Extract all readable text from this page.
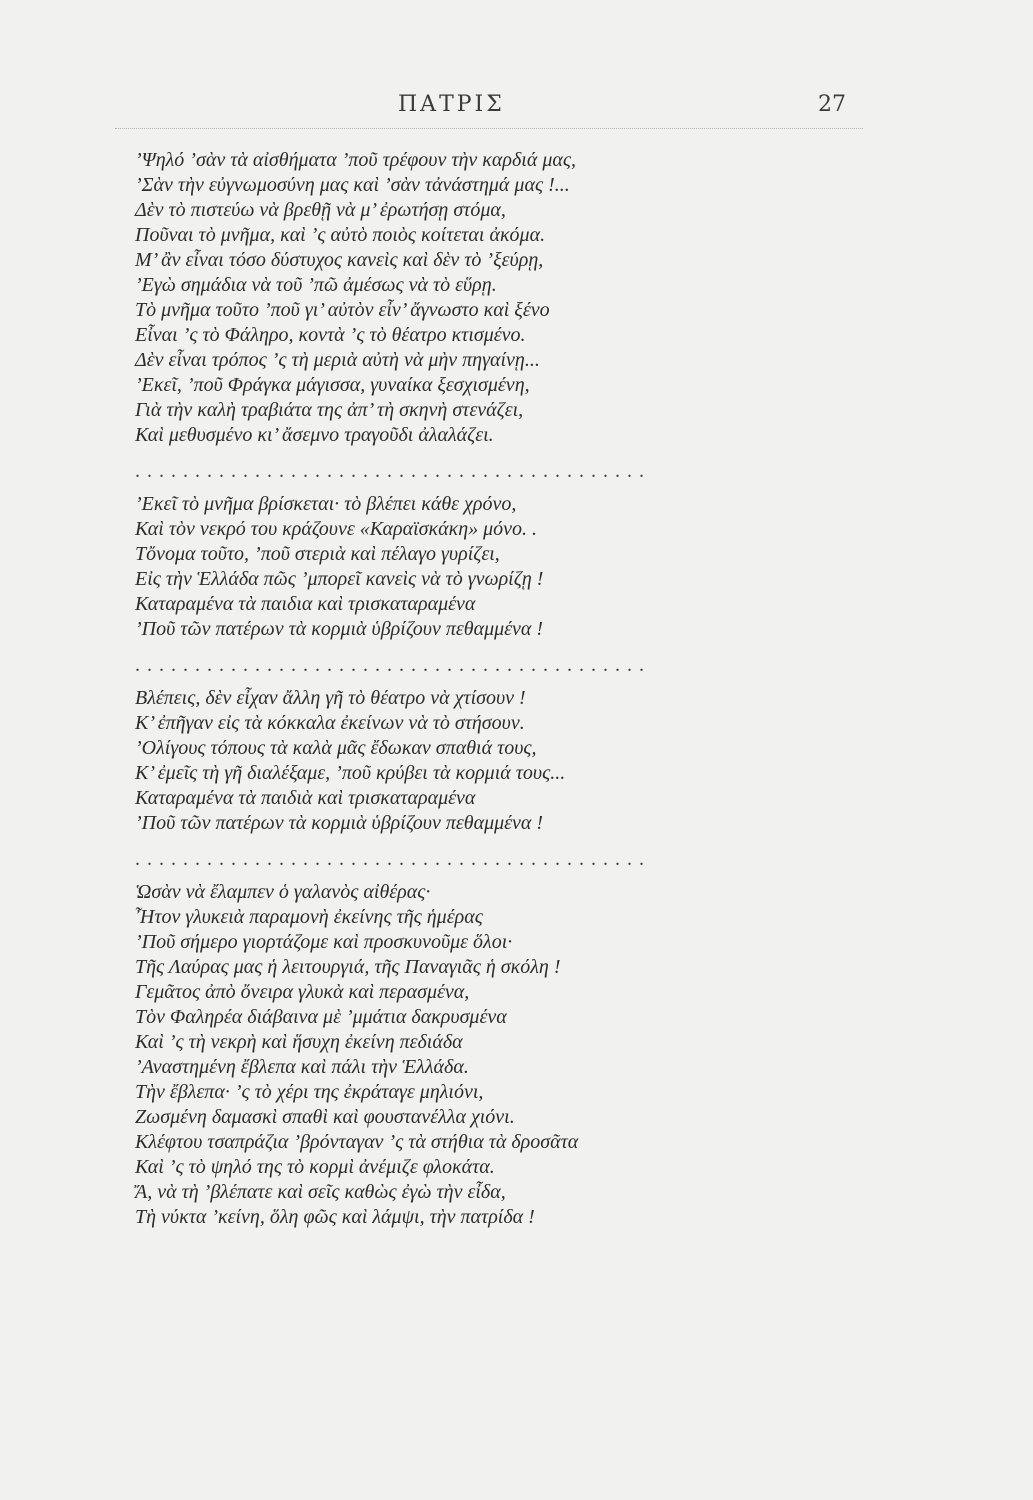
ΠΑΤΡΙΣ	27
’Ψηλό ’σὰν τὰ αἰσθήματα ’ποῦ τρέφουν τὴν καρδιά μας,
’Σὰν τὴν εὐγνωμοσύνη μας καὶ ’σὰν τἀνάστημά μας !...
Δὲν τὸ πιστεύω νὰ βρεθῇ νὰ μ’ ἐρωτήσῃ στόμα,
Ποῦναι τὸ μνῆμα, καὶ ’ς αὐτὸ ποιὸς κοίτεται ἀκόμα.
Μ’ ἂν εἶναι τόσο δύστυχος κανεὶς καὶ δὲν τὸ ’ξεύρῃ,
’Εγὼ σημάδια νὰ τοῦ ’πῶ ἀμέσως νὰ τὸ εὕρῃ.
Τὸ μνῆμα τοῦτο ’ποῦ γι’ αὐτὸν εἶν’ ἄγνωστο καὶ ξένο
Εἶναι ’ς τὸ Φάληρο, κοντὰ ’ς τὸ θέατρο κτισμένο.
Δὲν εἶναι τρόπος ’ς τὴ μεριὰ αὐτὴ νὰ μὴν πηγαίνῃ...
’Εκεῖ, ’ποῦ Φράγκα μάγισσα, γυναίκα ξεσχισμένη,
Γιὰ τὴν καλὴ τραβιάτα της ἀπ’ τὴ σκηνὴ στενάζει,
Καὶ μεθυσμένο κι’ ἄσεμνο τραγοῦδι ἀλαλάζει.
...........................................
’Εκεῖ τὸ μνῆμα βρίσκεται· τὸ βλέπει κάθε χρόνο,
Καὶ τὸν νεκρό του κράζουνε «Καραϊσκάκη» μόνο. .
Τὄνομα τοῦτο, ’ποῦ στεριὰ καὶ πέλαγο γυρίζει,
Εἰς τὴν Ἑλλάδα πῶς ’μπορεῖ κανεὶς νὰ τὸ γνωρίζῃ !
Καταραμένα τὰ παιδια καὶ τρισκαταραμένα
’Ποῦ τῶν πατέρων τὰ κορμιὰ ὑβρίζουν πεθαμμένα !
...........................................
Βλέπεις, δὲν εἶχαν ἄλλη γῆ τὸ θέατρο νὰ χτίσουν !
Κ’ ἐπῆγαν εἰς τὰ κόκκαλα ἐκείνων νὰ τὸ στήσουν.
’Ολίγους τόπους τὰ καλὰ μᾶς ἔδωκαν σπαθιά τους,
Κ’ ἐμεῖς τὴ γῆ διαλέξαμε, ’ποῦ κρύβει τὰ κορμιά τους...
Καταραμένα τὰ παιδιὰ καὶ τρισκαταραμένα
’Ποῦ τῶν πατέρων τὰ κορμιὰ ὑβρίζουν πεθαμμένα !
...........................................
Ὡσὰν νὰ ἔλαμπεν ὁ γαλανὸς αἰθέρας·
Ἦτον γλυκειὰ παραμονὴ ἐκείνης τῆς ἡμέρας
’Ποῦ σήμερο γιορτάζομε καὶ προσκυνοῦμε ὅλοι·
Τῆς Λαύρας μας ἡ λειτουργιά, τῆς Παναγιᾶς ἡ σκόλη !
Γεμᾶτος ἀπὸ ὄνειρα γλυκὰ καὶ περασμένα,
Τὸν Φαληρέα διάβαινα μὲ ’μμάτια δακρυσμένα
Καὶ ’ς τὴ νεκρὴ καὶ ἥσυχη ἐκείνη πεδιάδα
’Αναστημένη ἔβλεπα καὶ πάλι τὴν Ἑλλάδα.
Τὴν ἔβλεπα· ’ς τὸ χέρι της ἐκράταγε μηλιόνι,
Ζωσμένη δαμασκὶ σπαθὶ καὶ φουστανέλλα χιόνι.
Κλέφτου τσαπράζια ’βρόνταγαν ’ς τὰ στήθια τὰ δροσᾶτα
Καὶ ’ς τὸ ψηλό της τὸ κορμὶ ἀνέμιζε φλοκάτα.
Ἄ, νὰ τὴ ’βλέπατε καὶ σεῖς καθὼς ἐγὼ τὴν εἶδα,
Τὴ νύκτα ’κείνη, ὅλη φῶς καὶ λάμψι, τὴν πατρίδα !
